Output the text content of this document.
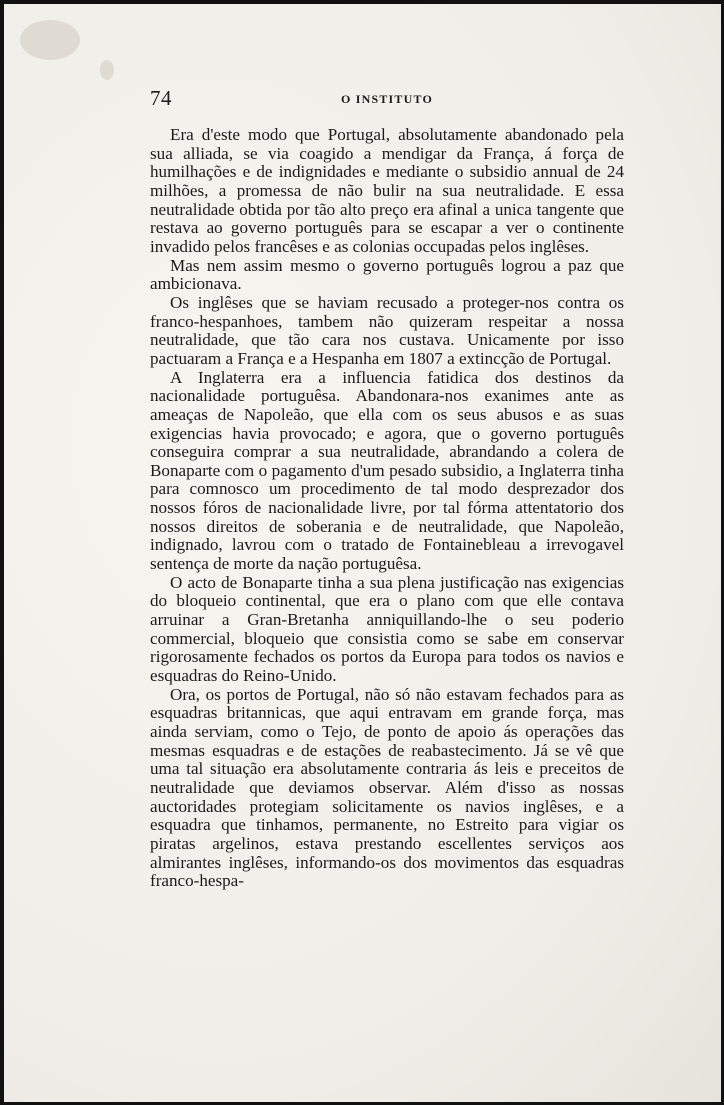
74	O INSTITUTO

Era d'este modo que Portugal, absolutamente abandonado pela sua alliada, se via coagido a mendigar da França, á força de humilhações e de indignidades e mediante o subsidio annual de 24 milhões, a promessa de não bulir na sua neutralidade. E essa neutralidade obtida por tão alto preço era afinal a unica tangente que restava ao governo português para se escapar a ver o continente invadido pelos francêses e as colonias occupadas pelos inglêses.

Mas nem assim mesmo o governo português logrou a paz que ambicionava.

Os inglêses que se haviam recusado a proteger-nos contra os franco-hespanhoes, tambem não quizeram respeitar a nossa neutralidade, que tão cara nos custava. Unicamente por isso pactuaram a França e a Hespanha em 1807 a extincção de Portugal.

A Inglaterra era a influencia fatidica dos destinos da nacionalidade portuguêsa. Abandonara-nos exanimes ante as ameaças de Napoleão, que ella com os seus abusos e as suas exigencias havia provocado; e agora, que o governo português conseguira comprar a sua neutralidade, abrandando a colera de Bonaparte com o pagamento d'um pesado subsidio, a Inglaterra tinha para comnosco um procedimento de tal modo desprezador dos nossos fóros de nacionalidade livre, por tal fórma attentatorio dos nossos direitos de soberania e de neutralidade, que Napoleão, indignado, lavrou com o tratado de Fontainebleau a irrevogavel sentença de morte da nação portuguêsa.

O acto de Bonaparte tinha a sua plena justificação nas exigencias do bloqueio continental, que era o plano com que elle contava arruinar a Gran-Bretanha anniquillando-lhe o seu poderio commercial, bloqueio que consistia como se sabe em conservar rigorosamente fechados os portos da Europa para todos os navios e esquadras do Reino-Unido.

Ora, os portos de Portugal, não só não estavam fechados para as esquadras britannicas, que aqui entravam em grande força, mas ainda serviam, como o Tejo, de ponto de apoio ás operações das mesmas esquadras e de estações de reabastecimento. Já se vê que uma tal situação era absolutamente contraria ás leis e preceitos de neutralidade que deviamos observar. Além d'isso as nossas auctoridades protegiam solicitamente os navios inglêses, e a esquadra que tinhamos, permanente, no Estreito para vigiar os piratas argelinos, estava prestando escellentes serviços aos almirantes inglêses, informando-os dos movimentos das esquadras franco-hespa-
